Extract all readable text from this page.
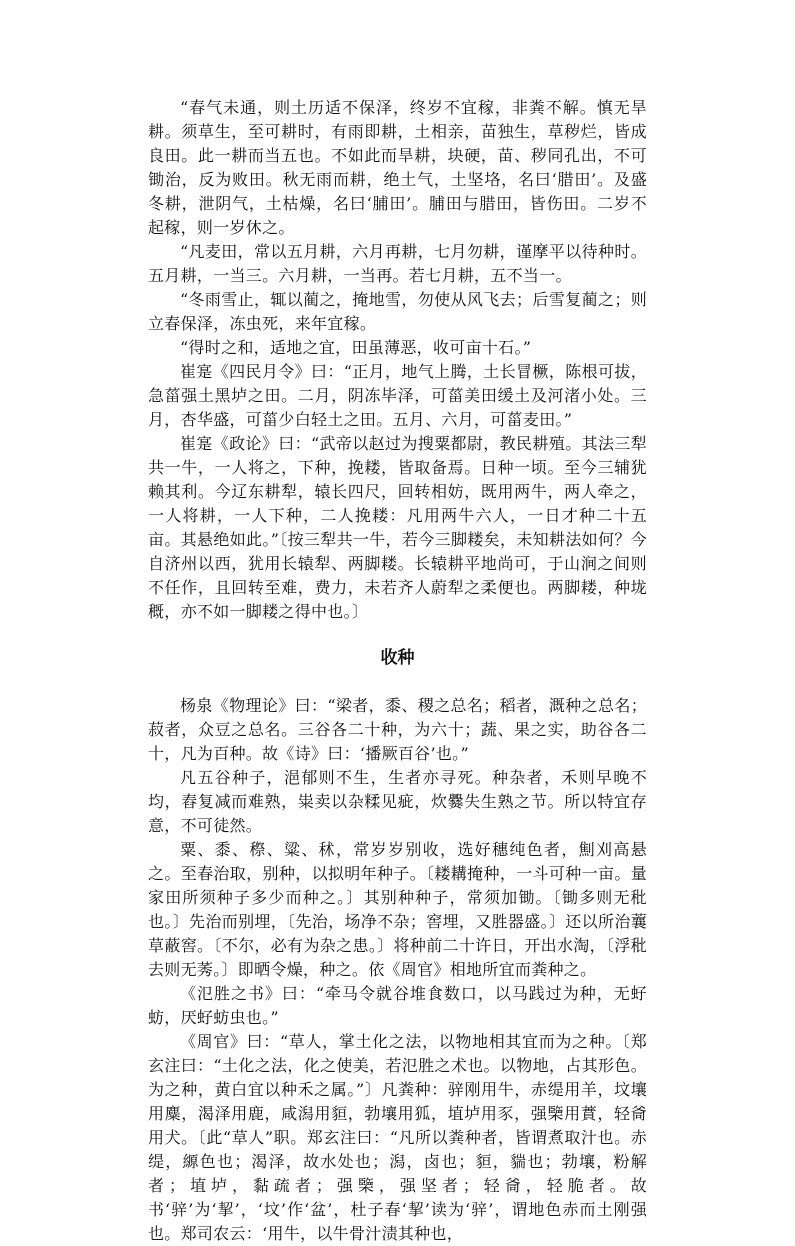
“春气未通，则土历适不保泽，终岁不宜稼，非粪不解。慎无旱耕。须草生，至可耕时，有雨即耕，土相亲，苗独生，草秽烂，皆成良田。此一耕而当五也。不如此而旱耕，块硬，苗、秽同孔出，不可锄治，反为败田。秋无雨而耕，绝土气，土坚垎，名曰‘腊田’。及盛冬耕，泄阴气，土枯燥，名曰‘脯田’。脯田与腊田，皆伤田。二岁不起稼，则一岁休之。

“凡麦田，常以五月耕，六月再耕，七月勿耕，谨摩平以待种时。五月耕，一当三。六月耕，一当再。若七月耕，五不当一。

“冬雨雪止，辄以蔺之，掩地雪，勿使从风飞去；后雪复蔺之；则立春保泽，冻虫死，来年宜稼。

“得时之和，适地之宜，田虽薄恶，收可亩十石。”

崔寔《四民月令》曰：“正月，地气上腾，土长冒橛，陈根可拔，急菑强土黑垆之田。二月，阴冻毕泽，可菑美田缓土及河渚小处。三月，杏华盛，可菑少白轻土之田。五月、六月，可菑麦田。”

崔寔《政论》曰：“武帝以赵过为搜粟都尉，教民耕殖。其法三犁共一牛，一人将之，下种，挽耧，皆取备焉。日种一顷。至今三辅犹赖其利。今辽东耕犁，辕长四尺，回转相妨，既用两牛，两人牵之，一人将耕，一人下种，二人挽耧：凡用两牛六人，一日才种二十五亩。其悬绝如此。”〔按三犁共一牛，若今三脚耧矣，未知耕法如何？今自济州以西，犹用长辕犁、两脚耧。长辕耕平地尚可，于山涧之间则不任作，且回转至难，费力，未若齐人蔚犁之柔便也。两脚耧，种垅穊，亦不如一脚耧之得中也。〕

收种

杨泉《物理论》曰：“梁者，黍、稷之总名；稻者，溉种之总名；菽者，众豆之总名。三谷各二十种，为六十；蔬、果之实，助谷各二十，凡为百种。故《诗》曰：‘播厥百谷’也。”

凡五谷种子，浥郁则不生，生者亦寻死。种杂者，禾则早晚不均，舂复减而难熟，粜卖以杂糅见疵，炊爨失生熟之节。所以特宜存意，不可徒然。

粟、黍、穄、粱、秫，常岁岁别收，选好穗纯色者，劁刈高悬之。至春治取，别种，以拟明年种子。〔耧耩掩种，一斗可种一亩。量家田所须种子多少而种之。〕其别种种子，常须加锄。〔锄多则无秕也。〕先治而别埋，〔先治，场净不杂；窖埋，又胜器盛。〕还以所治蘘草蔽窖。〔不尔，必有为杂之患。〕将种前二十许日，开出水淘，〔浮秕去则无莠。〕即晒令燥，种之。依《周官》相地所宜而粪种之。

《氾胜之书》曰：“牵马令就谷堆食数口，以马践过为种，无虸蚄，厌虸蚄虫也。”

《周官》曰：“草人，掌土化之法，以物地相其宜而为之种。〔郑玄注曰：“土化之法，化之使美，若氾胜之术也。以物地，占其形色。为之种，黄白宜以种禾之属。”〕凡粪种：骍刚用牛，赤缇用羊，坟壤用麋，渴泽用鹿，咸潟用貆，勃壤用狐，埴垆用豕，强㯺用蕡，轻㸗用犬。〔此“草人”职。郑玄注曰：“凡所以粪种者，皆谓煮取汁也。赤缇，縓色也；渴泽，故水处也；潟，卤也；貆，貒也；勃壤，粉解者；埴垆，黏疏者；强㯺，强坚者；轻㸗，轻脆者。故书‘骍’为‘挈’，‘坟’作‘盆’，杜子春‘挈’读为‘骍’，谓地色赤而土刚强也。郑司农云：‘用牛，以牛骨汁渍其种也，
